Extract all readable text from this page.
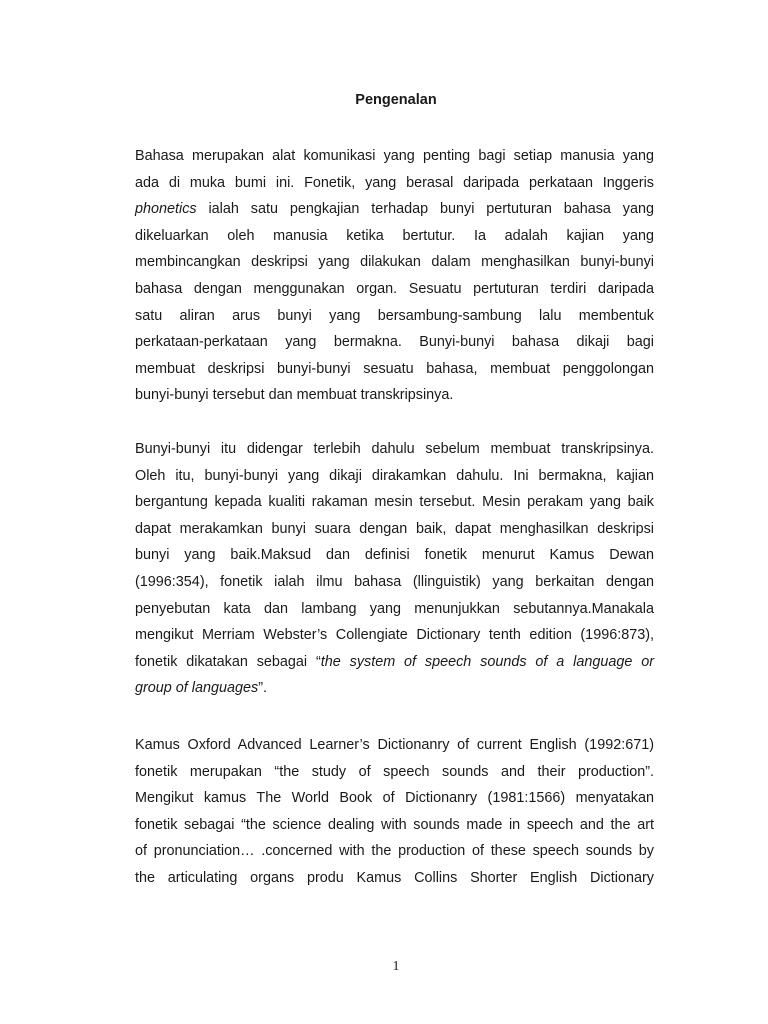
Pengenalan
Bahasa merupakan alat komunikasi yang penting bagi setiap manusia yang
ada di muka bumi ini. Fonetik, yang berasal daripada perkataan Inggeris
phonetics ialah satu pengkajian terhadap bunyi pertuturan bahasa yang
dikeluarkan oleh manusia ketika bertutur. Ia adalah kajian yang
membincangkan deskripsi yang dilakukan dalam menghasilkan bunyi-bunyi
bahasa dengan menggunakan organ. Sesuatu pertuturan terdiri daripada
satu aliran arus bunyi yang bersambung-sambung lalu membentuk
perkataan-perkataan yang bermakna. Bunyi-bunyi bahasa dikaji bagi
membuat deskripsi bunyi-bunyi sesuatu bahasa, membuat penggolongan
bunyi-bunyi tersebut dan membuat transkripsinya.
Bunyi-bunyi itu didengar terlebih dahulu sebelum membuat transkripsinya.
Oleh itu, bunyi-bunyi yang dikaji dirakamkan dahulu. Ini bermakna, kajian
bergantung kepada kualiti rakaman mesin tersebut. Mesin perakam yang baik
dapat merakamkan bunyi suara dengan baik, dapat menghasilkan deskripsi
bunyi yang baik.Maksud dan definisi fonetik menurut Kamus Dewan
(1996:354), fonetik ialah ilmu bahasa (llinguistik) yang berkaitan dengan
penyebutan kata dan lambang yang menunjukkan sebutannya.Manakala
mengikut Merriam Webster’s Collengiate Dictionary tenth edition (1996:873),
fonetik dikatakan sebagai “the system of speech sounds of a language or
group of languages”.
Kamus Oxford Advanced Learner’s Dictionanry of current English (1992:671)
fonetik merupakan “the study of speech sounds and their production”.
Mengikut kamus The World Book of Dictionanry (1981:1566) menyatakan
fonetik sebagai “the science dealing with sounds made in speech and the art
of pronunciation… .concerned with the production of these speech sounds by
the articulating organs produ Kamus Collins Shorter English Dictionary
1
